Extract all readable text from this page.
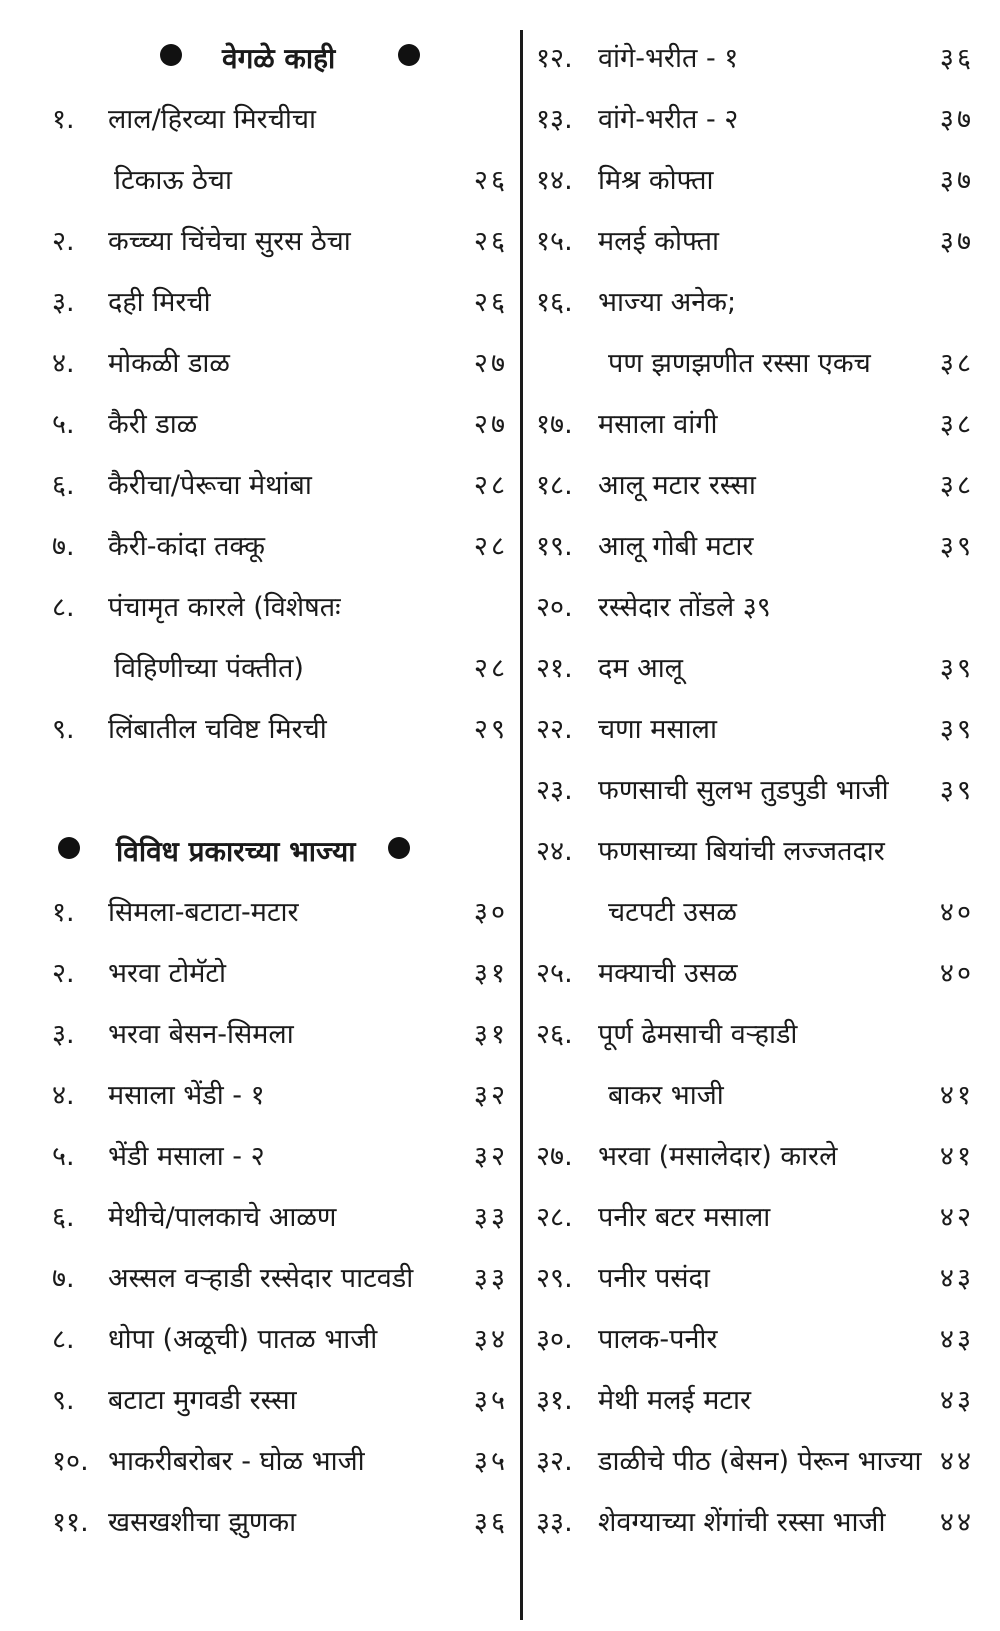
वेगळे काही
१. लाल/हिरव्या मिरचीचा
टिकाऊ ठेचा	२६
२. कच्च्या चिंचेचा सुरस ठेचा	२६
३. दही मिरची	२६
४. मोकळी डाळ	२७
५. कैरी डाळ	२७
६. कैरीचा/पेरूचा मेथांबा	२८
७. कैरी-कांदा तक्कू	२८
८. पंचामृत कारले (विशेषतः
विहिणीच्या पंक्तीत)	२८
९. लिंबातील चविष्ट मिरची	२९
विविध प्रकारच्या भाज्या
१. सिमला-बटाटा-मटार	३०
२. भरवा टोमॅटो	३१
३. भरवा बेसन-सिमला	३१
४. मसाला भेंडी - १	३२
५. भेंडी मसाला - २	३२
६. मेथीचे/पालकाचे आळण	३३
७. अस्सल वऱ्हाडी रस्सेदार पाटवडी ३३
८. धोपा (अळूची) पातळ भाजी	३४
९. बटाटा मुगवडी रस्सा	३५
१०. भाकरीबरोबर - घोळ भाजी	३५
११. खसखशीचा झुणका	३६
१२. वांगे-भरीत - १	३६
१३. वांगे-भरीत - २	३७
१४. मिश्र कोफ्ता	३७
१५. मलई कोफ्ता	३७
१६. भाज्या अनेक;
पण झणझणीत रस्सा एकच	३८
१७. मसाला वांगी	३८
१८. आलू मटार रस्सा	३८
१९. आलू गोबी मटार	३९
२०. रस्सेदार तोंडले ३९
२१. दम आलू	३९
२२. चणा मसाला	३९
२३. फणसाची सुलभ तुडपुडी भाजी ३९
२४. फणसाच्या बियांची लज्जतदार
चटपटी उसळ	४०
२५. मक्याची उसळ	४०
२६. पूर्ण ढेमसाची वऱ्हाडी
बाकर भाजी	४१
२७. भरवा (मसालेदार) कारले	४१
२८. पनीर बटर मसाला	४२
२९. पनीर पसंदा	४३
३०. पालक-पनीर	४३
३१. मेथी मलई मटार	४३
३२. डाळीचे पीठ (बेसन) पेरून भाज्या ४४
३३. शेवग्याच्या शेंगांची रस्सा भाजी ४४
